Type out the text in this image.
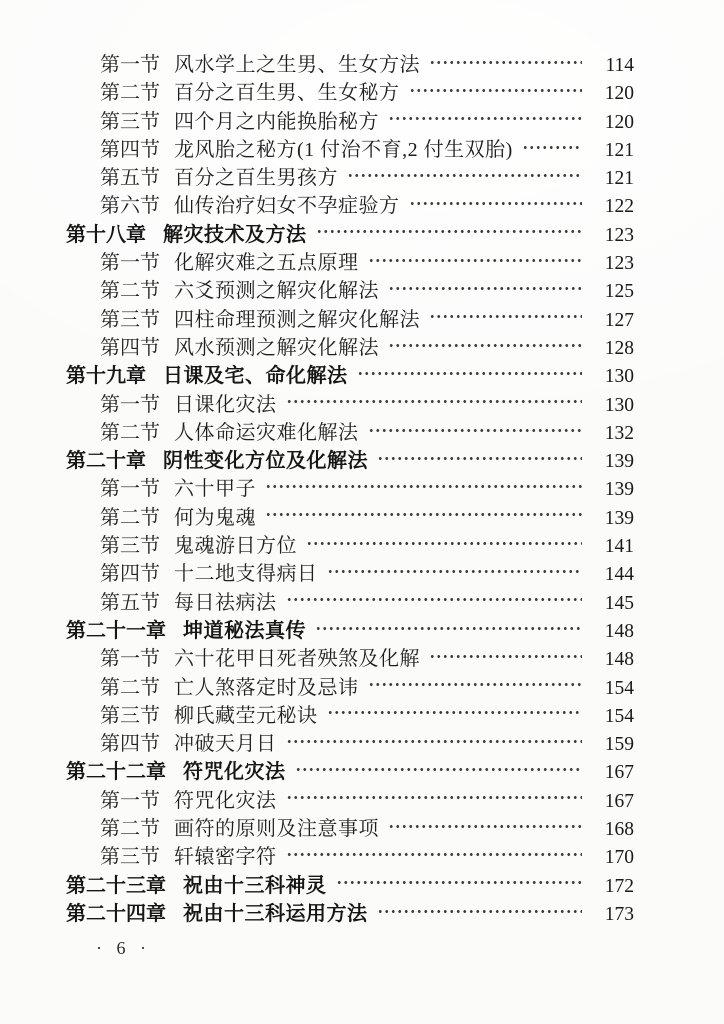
第一节 风水学上之生男、生女方法	114
第二节 百分之百生男、生女秘方	120
第三节 四个月之内能换胎秘方	120
第四节 龙风胎之秘方(1 付治不育,2 付生双胎)	121
第五节 百分之百生男孩方	121
第六节 仙传治疗妇女不孕症验方	122
第十八章 解灾技术及方法	123
第一节 化解灾难之五点原理	123
第二节 六爻预测之解灾化解法	125
第三节 四柱命理预测之解灾化解法	127
第四节 风水预测之解灾化解法	128
第十九章 日课及宅、命化解法	130
第一节 日课化灾法	130
第二节 人体命运灾难化解法	132
第二十章 阴性变化方位及化解法	139
第一节 六十甲子	139
第二节 何为鬼魂	139
第三节 鬼魂游日方位	141
第四节 十二地支得病日	144
第五节 每日祛病法	145
第二十一章 坤道秘法真传	148
第一节 六十花甲日死者殃煞及化解	148
第二节 亡人煞落定时及忌讳	154
第三节 柳氏藏茔元秘诀	154
第四节 冲破天月日	159
第二十二章 符咒化灾法	167
第一节 符咒化灾法	167
第二节 画符的原则及注意事项	168
第三节 轩辕密字符	170
第二十三章 祝由十三科神灵	172
第二十四章 祝由十三科运用方法	173
· 6 ·
